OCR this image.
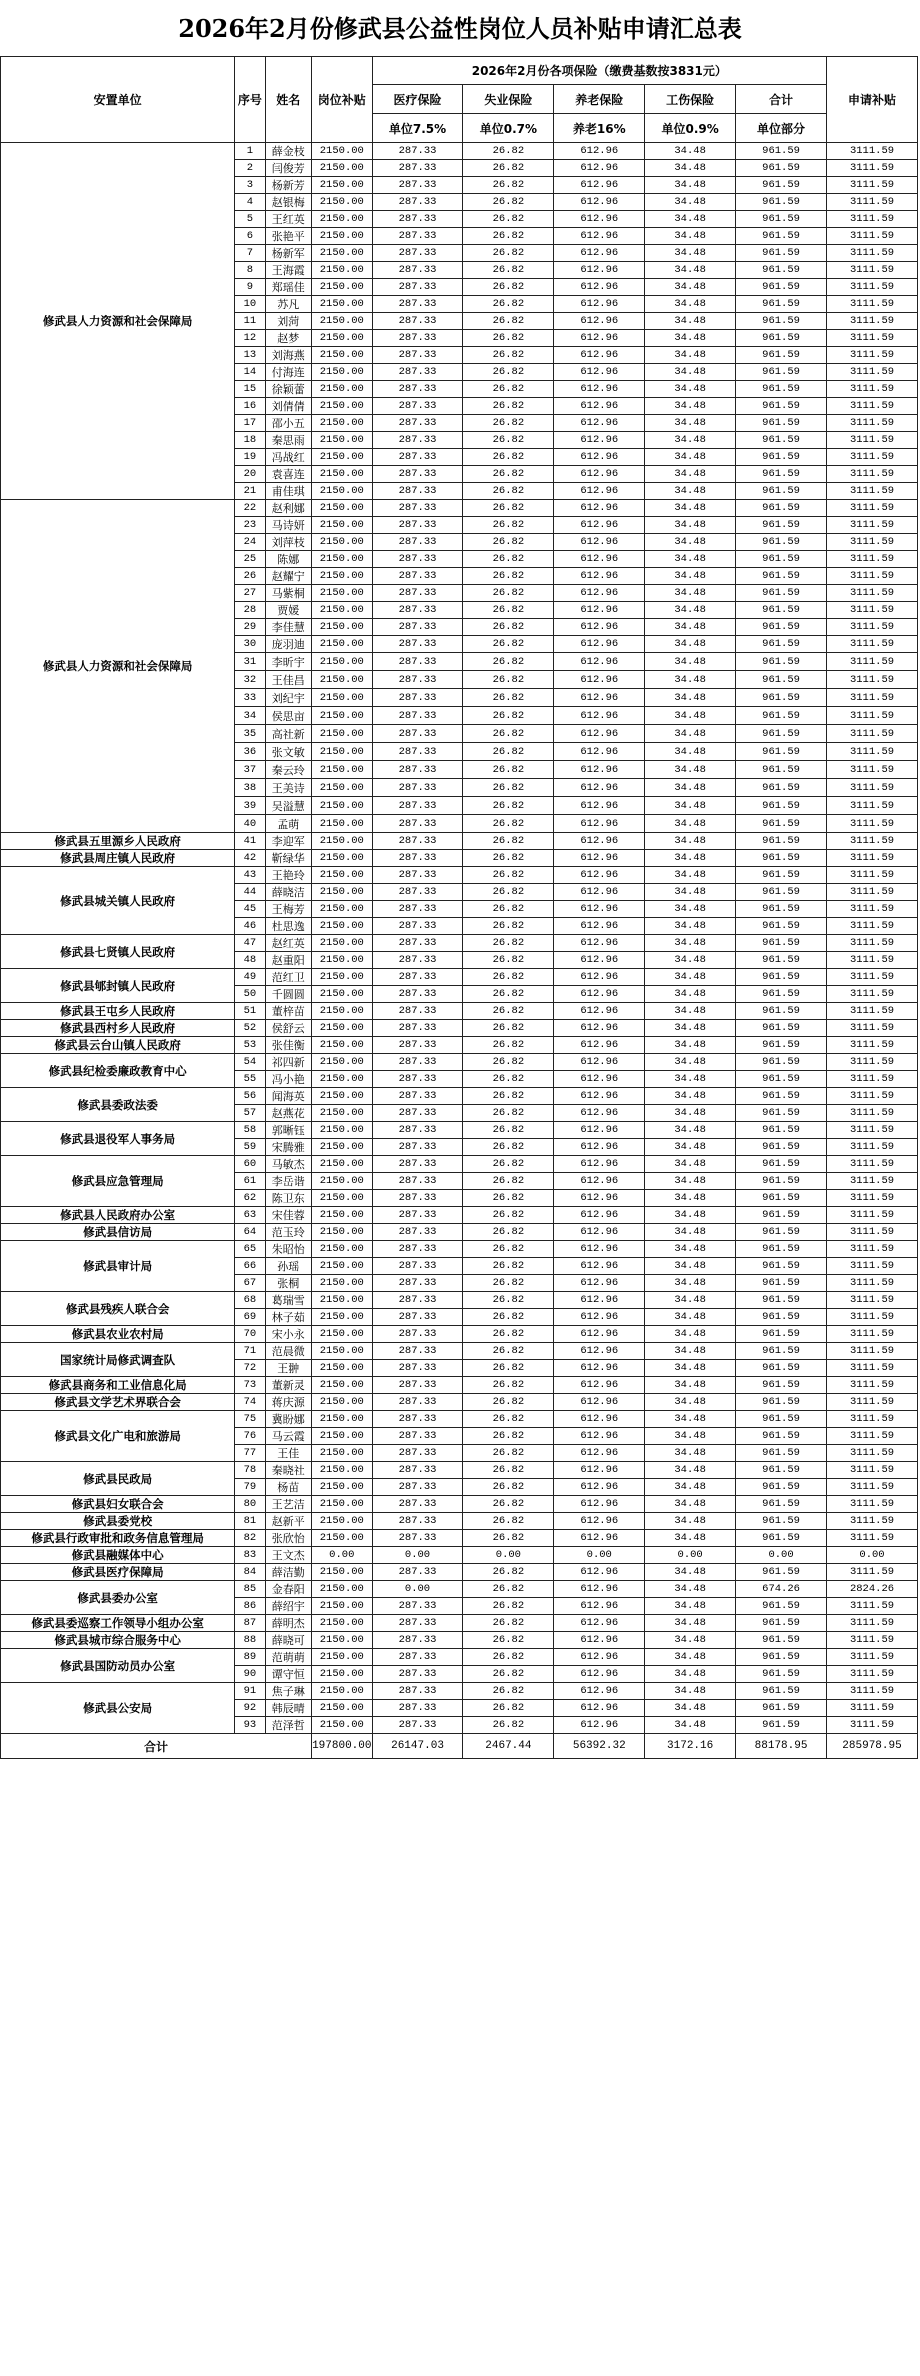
2026年2月份修武县公益性岗位人员补贴申请汇总表
安置单位	序号	姓名	岗位补贴	2026年2月份各项保险（缴费基数按3831元）					申请补贴
				医疗保险	失业保险	养老保险	工伤保险	合计	
				单位7.5%	单位0.7%	养老16%	单位0.9%	单位部分	
修武县人力资源和社会保障局	1	薛金枝	2150.00	287.33	26.82	612.96	34.48	961.59	3111.59
	2	闫俊芳	2150.00	287.33	26.82	612.96	34.48	961.59	3111.59
	3	杨新芳	2150.00	287.33	26.82	612.96	34.48	961.59	3111.59
	4	赵银梅	2150.00	287.33	26.82	612.96	34.48	961.59	3111.59
	5	王红英	2150.00	287.33	26.82	612.96	34.48	961.59	3111.59
	6	张艳平	2150.00	287.33	26.82	612.96	34.48	961.59	3111.59
	7	杨新军	2150.00	287.33	26.82	612.96	34.48	961.59	3111.59
	8	王海霞	2150.00	287.33	26.82	612.96	34.48	961.59	3111.59
	9	郑瑶佳	2150.00	287.33	26.82	612.96	34.48	961.59	3111.59
	10	苏凡	2150.00	287.33	26.82	612.96	34.48	961.59	3111.59
	11	刘菏	2150.00	287.33	26.82	612.96	34.48	961.59	3111.59
	12	赵梦	2150.00	287.33	26.82	612.96	34.48	961.59	3111.59
	13	刘海燕	2150.00	287.33	26.82	612.96	34.48	961.59	3111.59
	14	付海连	2150.00	287.33	26.82	612.96	34.48	961.59	3111.59
	15	徐颖蕾	2150.00	287.33	26.82	612.96	34.48	961.59	3111.59
	16	刘倩倩	2150.00	287.33	26.82	612.96	34.48	961.59	3111.59
	17	邵小五	2150.00	287.33	26.82	612.96	34.48	961.59	3111.59
	18	秦思雨	2150.00	287.33	26.82	612.96	34.48	961.59	3111.59
	19	冯战红	2150.00	287.33	26.82	612.96	34.48	961.59	3111.59
	20	袁喜连	2150.00	287.33	26.82	612.96	34.48	961.59	3111.59
	21	甫佳琪	2150.00	287.33	26.82	612.96	34.48	961.59	3111.59
修武县人力资源和社会保障局	22	赵利娜	2150.00	287.33	26.82	612.96	34.48	961.59	3111.59
	23	马诗妍	2150.00	287.33	26.82	612.96	34.48	961.59	3111.59
	24	刘萍枝	2150.00	287.33	26.82	612.96	34.48	961.59	3111.59
	25	陈娜	2150.00	287.33	26.82	612.96	34.48	961.59	3111.59
	26	赵耀宁	2150.00	287.33	26.82	612.96	34.48	961.59	3111.59
	27	马紫桐	2150.00	287.33	26.82	612.96	34.48	961.59	3111.59
	28	贾媛	2150.00	287.33	26.82	612.96	34.48	961.59	3111.59
	29	李佳慧	2150.00	287.33	26.82	612.96	34.48	961.59	3111.59
	30	庞羽迪	2150.00	287.33	26.82	612.96	34.48	961.59	3111.59
	31	李昕宇	2150.00	287.33	26.82	612.96	34.48	961.59	3111.59
	32	王佳昌	2150.00	287.33	26.82	612.96	34.48	961.59	3111.59
	33	刘纪宇	2150.00	287.33	26.82	612.96	34.48	961.59	3111.59
	34	侯思亩	2150.00	287.33	26.82	612.96	34.48	961.59	3111.59
	35	高社新	2150.00	287.33	26.82	612.96	34.48	961.59	3111.59
	36	张文敏	2150.00	287.33	26.82	612.96	34.48	961.59	3111.59
	37	秦云玲	2150.00	287.33	26.82	612.96	34.48	961.59	3111.59
	38	王美诗	2150.00	287.33	26.82	612.96	34.48	961.59	3111.59
	39	吴溢慧	2150.00	287.33	26.82	612.96	34.48	961.59	3111.59
	40	孟萌	2150.00	287.33	26.82	612.96	34.48	961.59	3111.59
修武县五里源乡人民政府	41	李迎军	2150.00	287.33	26.82	612.96	34.48	961.59	3111.59
修武县周庄镇人民政府	42	靳绿华	2150.00	287.33	26.82	612.96	34.48	961.59	3111.59
修武县城关镇人民政府	43	王艳玲	2150.00	287.33	26.82	612.96	34.48	961.59	3111.59
	44	薛晓洁	2150.00	287.33	26.82	612.96	34.48	961.59	3111.59
	45	王梅芳	2150.00	287.33	26.82	612.96	34.48	961.59	3111.59
	46	杜思逸	2150.00	287.33	26.82	612.96	34.48	961.59	3111.59
修武县七贤镇人民政府	47	赵红英	2150.00	287.33	26.82	612.96	34.48	961.59	3111.59
	48	赵重阳	2150.00	287.33	26.82	612.96	34.48	961.59	3111.59
修武县郇封镇人民政府	49	范红卫	2150.00	287.33	26.82	612.96	34.48	961.59	3111.59
	50	千圆圆	2150.00	287.33	26.82	612.96	34.48	961.59	3111.59
修武县王屯乡人民政府	51	董梓苗	2150.00	287.33	26.82	612.96	34.48	961.59	3111.59
修武县西村乡人民政府	52	侯舒云	2150.00	287.33	26.82	612.96	34.48	961.59	3111.59
修武县云台山镇人民政府	53	张佳衡	2150.00	287.33	26.82	612.96	34.48	961.59	3111.59
修武县纪检委廉政教育中心	54	祁四新	2150.00	287.33	26.82	612.96	34.48	961.59	3111.59
	55	冯小艳	2150.00	287.33	26.82	612.96	34.48	961.59	3111.59
修武县委政法委	56	闻海英	2150.00	287.33	26.82	612.96	34.48	961.59	3111.59
	57	赵燕花	2150.00	287.33	26.82	612.96	34.48	961.59	3111.59
修武县退役军人事务局	58	郭晰钰	2150.00	287.33	26.82	612.96	34.48	961.59	3111.59
	59	宋腾雅	2150.00	287.33	26.82	612.96	34.48	961.59	3111.59
修武县应急管理局	60	马敏杰	2150.00	287.33	26.82	612.96	34.48	961.59	3111.59
	61	李岳谐	2150.00	287.33	26.82	612.96	34.48	961.59	3111.59
	62	陈卫东	2150.00	287.33	26.82	612.96	34.48	961.59	3111.59
修武县人民政府办公室	63	宋佳蓉	2150.00	287.33	26.82	612.96	34.48	961.59	3111.59
修武县信访局	64	范玉玲	2150.00	287.33	26.82	612.96	34.48	961.59	3111.59
修武县审计局	65	朱昭怡	2150.00	287.33	26.82	612.96	34.48	961.59	3111.59
	66	孙瑶	2150.00	287.33	26.82	612.96	34.48	961.59	3111.59
	67	张桐	2150.00	287.33	26.82	612.96	34.48	961.59	3111.59
修武县残疾人联合会	68	葛瑞雪	2150.00	287.33	26.82	612.96	34.48	961.59	3111.59
	69	林子茹	2150.00	287.33	26.82	612.96	34.48	961.59	3111.59
修武县农业农村局	70	宋小永	2150.00	287.33	26.82	612.96	34.48	961.59	3111.59
国家统计局修武调查队	71	范晨微	2150.00	287.33	26.82	612.96	34.48	961.59	3111.59
	72	王翀	2150.00	287.33	26.82	612.96	34.48	961.59	3111.59
修武县商务和工业信息化局	73	董新灵	2150.00	287.33	26.82	612.96	34.48	961.59	3111.59
修武县文学艺术界联合会	74	蒋庆源	2150.00	287.33	26.82	612.96	34.48	961.59	3111.59
修武县文化广电和旅游局	75	冀盼娜	2150.00	287.33	26.82	612.96	34.48	961.59	3111.59
	76	马云霞	2150.00	287.33	26.82	612.96	34.48	961.59	3111.59
	77	王佳	2150.00	287.33	26.82	612.96	34.48	961.59	3111.59
修武县民政局	78	秦晓社	2150.00	287.33	26.82	612.96	34.48	961.59	3111.59
	79	杨苗	2150.00	287.33	26.82	612.96	34.48	961.59	3111.59
修武县妇女联合会	80	王艺洁	2150.00	287.33	26.82	612.96	34.48	961.59	3111.59
修武县委党校	81	赵新平	2150.00	287.33	26.82	612.96	34.48	961.59	3111.59
修武县行政审批和政务信息管理局	82	张欣怡	2150.00	287.33	26.82	612.96	34.48	961.59	3111.59
修武县融媒体中心	83	王文杰	0.00	0.00	0.00	0.00	0.00	0.00	0.00
修武县医疗保障局	84	薛洁勤	2150.00	287.33	26.82	612.96	34.48	961.59	3111.59
修武县委办公室	85	金春阳	2150.00	0.00	26.82	612.96	34.48	674.26	2824.26
	86	薛绍宇	2150.00	287.33	26.82	612.96	34.48	961.59	3111.59
修武县委巡察工作领导小组办公室	87	薛明杰	2150.00	287.33	26.82	612.96	34.48	961.59	3111.59
修武县城市综合服务中心	88	薛晓可	2150.00	287.33	26.82	612.96	34.48	961.59	3111.59
修武县国防动员办公室	89	范萌萌	2150.00	287.33	26.82	612.96	34.48	961.59	3111.59
	90	谭守恒	2150.00	287.33	26.82	612.96	34.48	961.59	3111.59
修武县公安局	91	焦子琳	2150.00	287.33	26.82	612.96	34.48	961.59	3111.59
	92	韩辰晴	2150.00	287.33	26.82	612.96	34.48	961.59	3111.59
	93	范泽哲	2150.00	287.33	26.82	612.96	34.48	961.59	3111.59
合计			197800.00	26147.03	2467.44	56392.32	3172.16	88178.95	285978.95
